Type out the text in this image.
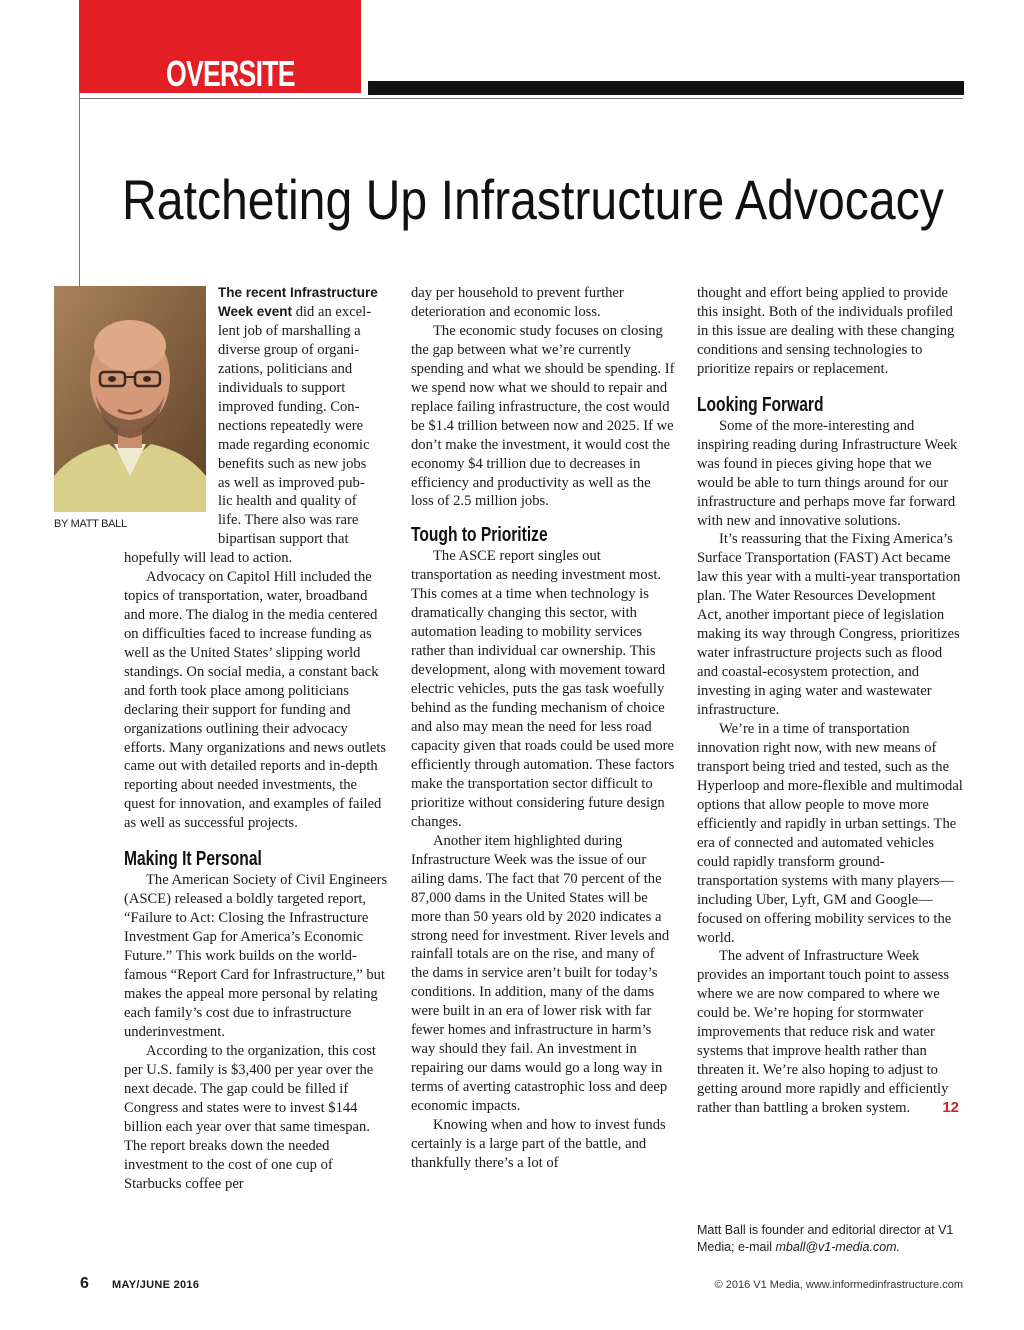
OVERSITE
Ratcheting Up Infrastructure Advocacy
BY MATT BALL
The recent Infrastructure Week event did an excel-
lent job of marshalling a
diverse group of organi-
zations, politicians and
individuals to support
improved funding. Con-
nections repeatedly were
made regarding economic
benefits such as new jobs
as well as improved pub-
lic health and quality of
life. There also was rare
bipartisan support that

hopefully will lead to action.

Advocacy on Capitol Hill included the topics of transportation, water, broadband and more. The dialog in the media centered on difficulties faced to increase funding as well as the United States’ slipping world standings. On social media, a constant back and forth took place among politicians declaring their support for funding and organizations outlining their advocacy efforts. Many organizations and news outlets came out with detailed reports and in-depth reporting about needed investments, the quest for innovation, and examples of failed as well as successful projects.

Making It Personal

The American Society of Civil Engineers (ASCE) released a boldly targeted report, “Failure to Act: Closing the Infrastructure Investment Gap for America’s Economic Future.” This work builds on the world-famous “Report Card for Infrastructure,” but makes the appeal more personal by relating each family’s cost due to infrastructure underinvestment.

According to the organization, this cost per U.S. family is $3,400 per year over the next decade. The gap could be filled if Congress and states were to invest $144 billion each year over that same timespan. The report breaks down the needed investment to the cost of one cup of Starbucks coffee per

day per household to prevent further deterioration and economic loss.

The economic study focuses on closing the gap between what we’re currently spending and what we should be spending. If we spend now what we should to repair and replace failing infrastructure, the cost would be $1.4 trillion between now and 2025. If we don’t make the investment, it would cost the economy $4 trillion due to decreases in efficiency and productivity as well as the loss of 2.5 million jobs.

Tough to Prioritize

The ASCE report singles out transportation as needing investment most. This comes at a time when technology is dramatically changing this sector, with automation leading to mobility services rather than individual car ownership. This development, along with movement toward electric vehicles, puts the gas task woefully behind as the funding mechanism of choice and also may mean the need for less road capacity given that roads could be used more efficiently through automation. These factors make the transportation sector difficult to prioritize without considering future design changes.

Another item highlighted during Infrastructure Week was the issue of our ailing dams. The fact that 70 percent of the 87,000 dams in the United States will be more than 50 years old by 2020 indicates a strong need for investment. River levels and rainfall totals are on the rise, and many of the dams in service aren’t built for today’s conditions. In addition, many of the dams were built in an era of lower risk with far fewer homes and infrastructure in harm’s way should they fail. An investment in repairing our dams would go a long way in terms of averting catastrophic loss and deep economic impacts.

Knowing when and how to invest funds certainly is a large part of the battle, and thankfully there’s a lot of

thought and effort being applied to provide this insight. Both of the individuals profiled in this issue are dealing with these changing conditions and sensing technologies to prioritize repairs or replacement.

Looking Forward

Some of the more-interesting and inspiring reading during Infrastructure Week was found in pieces giving hope that we would be able to turn things around for our infrastructure and perhaps move far forward with new and innovative solutions.

It’s reassuring that the Fixing America’s Surface Transportation (FAST) Act became law this year with a multi-year transportation plan. The Water Resources Development Act, another important piece of legislation making its way through Congress, prioritizes water infrastructure projects such as flood and coastal-ecosystem protection, and investing in aging water and wastewater infrastructure.

We’re in a time of transportation innovation right now, with new means of transport being tried and tested, such as the Hyperloop and more-flexible and multimodal options that allow people to move more efficiently and rapidly in urban settings. The era of connected and automated vehicles could rapidly transform ground-transportation systems with many players—including Uber, Lyft, GM and Google—focused on offering mobility services to the world.

The advent of Infrastructure Week provides an important touch point to assess where we are now compared to where we could be. We’re hoping for stormwater improvements that reduce risk and water systems that improve health rather than threaten it. We’re also hoping to adjust to getting around more rapidly and efficiently rather than battling a broken system.	12

Matt Ball is founder and editorial director at V1 Media; e-mail mball@v1-media.com.
6 MAY/JUNE 2016	© 2016 V1 Media, www.informedinfrastructure.com
